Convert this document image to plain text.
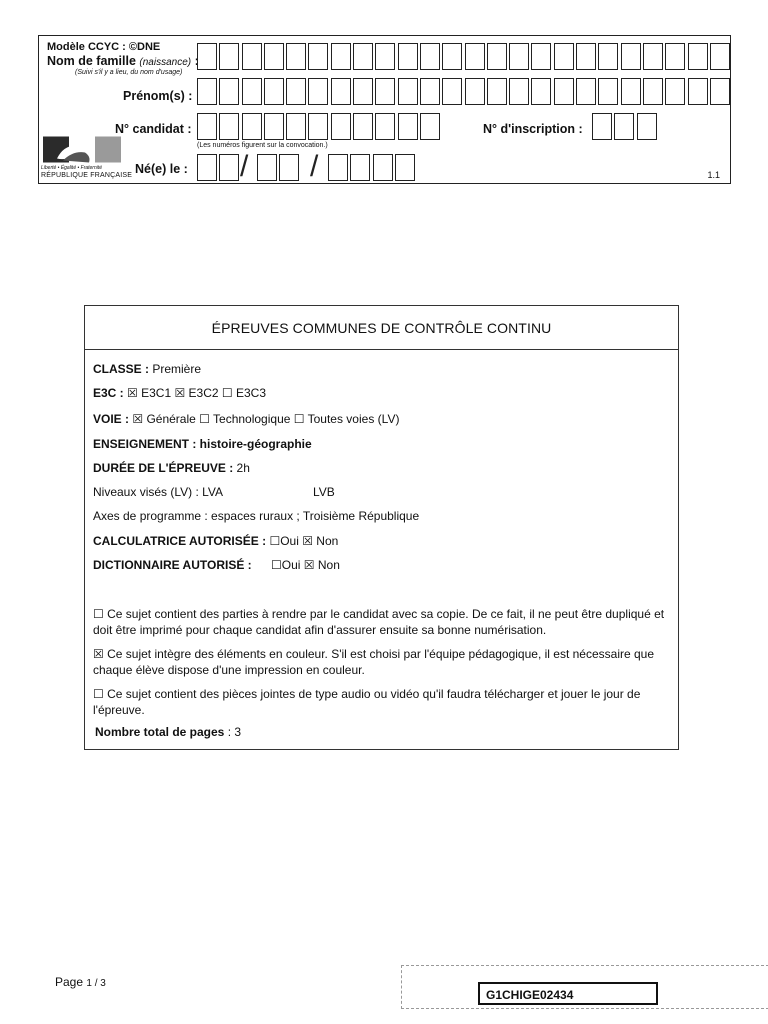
Modèle CCYC : ©DNE
Nom de famille (naissance) :
(Suivi s'il y a lieu, du nom d'usage)
Prénom(s) :
N° candidat :
(Les numéros figurent sur la convocation.)
N° d'inscription :
Liberté • Égalité • Fraternité
RÉPUBLIQUE FRANÇAISE Né(e) le : / /	1.1
ÉPREUVES COMMUNES DE CONTRÔLE CONTINU
CLASSE : Première
E3C : ☒ E3C1 ☒ E3C2 ☐ E3C3
VOIE : ☒ Générale ☐ Technologique ☐ Toutes voies (LV)
ENSEIGNEMENT : histoire-géographie
DURÉE DE L'ÉPREUVE : 2h
Niveaux visés (LV) : LVA	LVB
Axes de programme : espaces ruraux ; Troisième République
CALCULATRICE AUTORISÉE : ☐Oui ☒ Non
DICTIONNAIRE AUTORISÉ : ☐Oui ☒ Non
☐ Ce sujet contient des parties à rendre par le candidat avec sa copie. De ce fait, il ne peut être dupliqué et doit être imprimé pour chaque candidat afin d'assurer ensuite sa bonne numérisation.
☒ Ce sujet intègre des éléments en couleur. S'il est choisi par l'équipe pédagogique, il est nécessaire que chaque élève dispose d'une impression en couleur.
☐ Ce sujet contient des pièces jointes de type audio ou vidéo qu'il faudra télécharger et jouer le jour de l'épreuve.
Nombre total de pages : 3
Page 1 / 3
G1CHIGE02434
